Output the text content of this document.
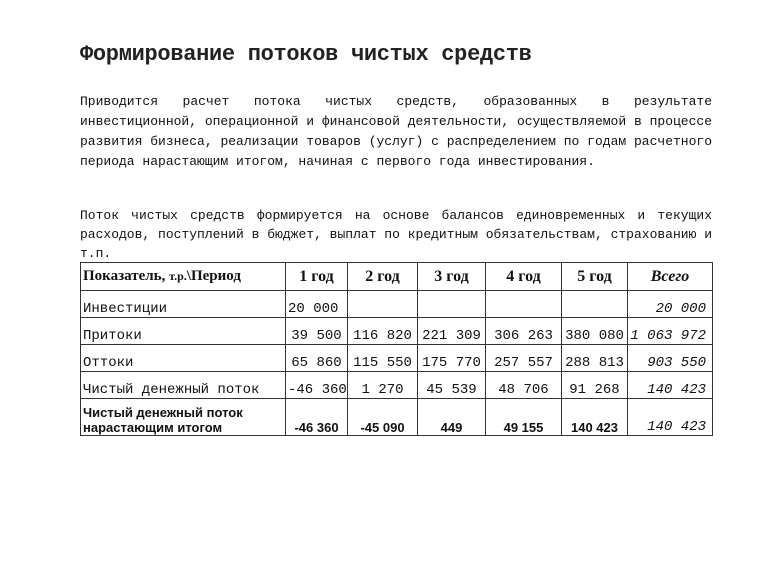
Формирование потоков чистых средств
Приводится расчет потока чистых средств, образованных в результате инвестиционной, операционной и финансовой деятельности, осуществляемой в процессе развития бизнеса, реализации товаров (услуг) с распределением по годам расчетного периода нарастающим итогом, начиная с первого года инвестирования.
Поток чистых средств формируется на основе балансов единовременных и текущих расходов, поступлений в бюджет, выплат по кредитным обязательствам, страхованию и т.п.
Показатель, т.р.\Период	1 год	2 год	3 год	4 год	5 год	Всего
Инвестиции	20 000					20 000
Притоки	39 500	116 820	221 309	306 263	380 080	1 063 972
Оттоки	65 860	115 550	175 770	257 557	288 813	903 550
Чистый денежный поток	-46 360	1 270	45 539	48 706	91 268	140 423
Чистый денежный поток нарастающим итогом	-46 360	-45 090	449	49 155	140 423	140 423
